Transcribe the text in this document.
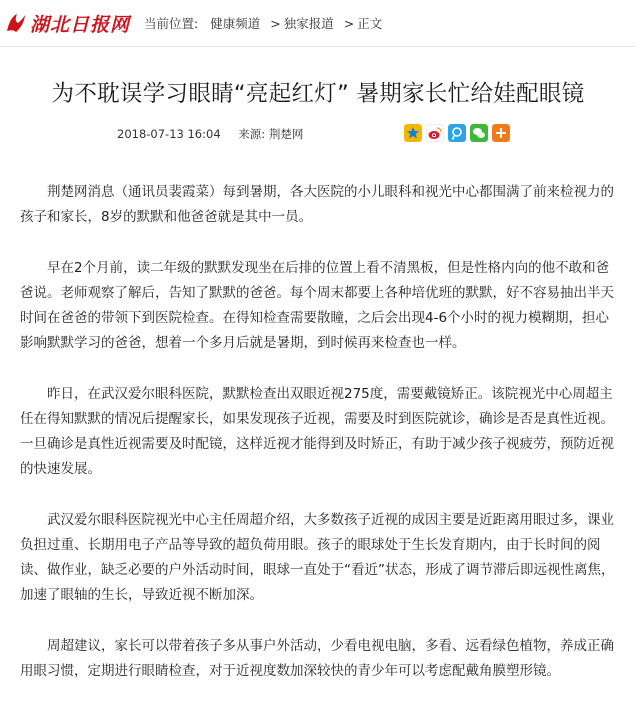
湖北日报网 当前位置: 健康频道 > 独家报道 > 正文
为不耽误学习眼睛“亮起红灯” 暑期家长忙给娃配眼镜
2018-07-13 16:04 来源: 荆楚网

荆楚网消息（通讯员裴霞菜）每到暑期，各大医院的小儿眼科和视光中心都围满了前来检视力的孩子和家长，8岁的默默和他爸爸就是其中一员。

早在2个月前，读二年级的默默发现坐在后排的位置上看不清黑板，但是性格内向的他不敢和爸爸说。老师观察了解后，告知了默默的爸爸。每个周末都要上各种培优班的默默，好不容易抽出半天时间在爸爸的带领下到医院检查。在得知检查需要散瞳，之后会出现4-6个小时的视力模糊期，担心影响默默学习的爸爸，想着一个多月后就是暑期，到时候再来检查也一样。

昨日，在武汉爱尔眼科医院，默默检查出双眼近视275度，需要戴镜矫正。该院视光中心周超主任在得知默默的情况后提醒家长，如果发现孩子近视，需要及时到医院就诊，确诊是否是真性近视。一旦确诊是真性近视需要及时配镜，这样近视才能得到及时矫正，有助于减少孩子视疲劳，预防近视的快速发展。

武汉爱尔眼科医院视光中心主任周超介绍，大多数孩子近视的成因主要是近距离用眼过多，课业负担过重、长期用电子产品等导致的超负荷用眼。孩子的眼球处于生长发育期内，由于长时间的阅读、做作业，缺乏必要的户外活动时间，眼球一直处于“看近”状态，形成了调节滞后即远视性离焦，加速了眼轴的生长，导致近视不断加深。

周超建议，家长可以带着孩子多从事户外活动，少看电视电脑，多看、远看绿色植物，养成正确用眼习惯，定期进行眼睛检查，对于近视度数加深较快的青少年可以考虑配戴角膜塑形镜。
